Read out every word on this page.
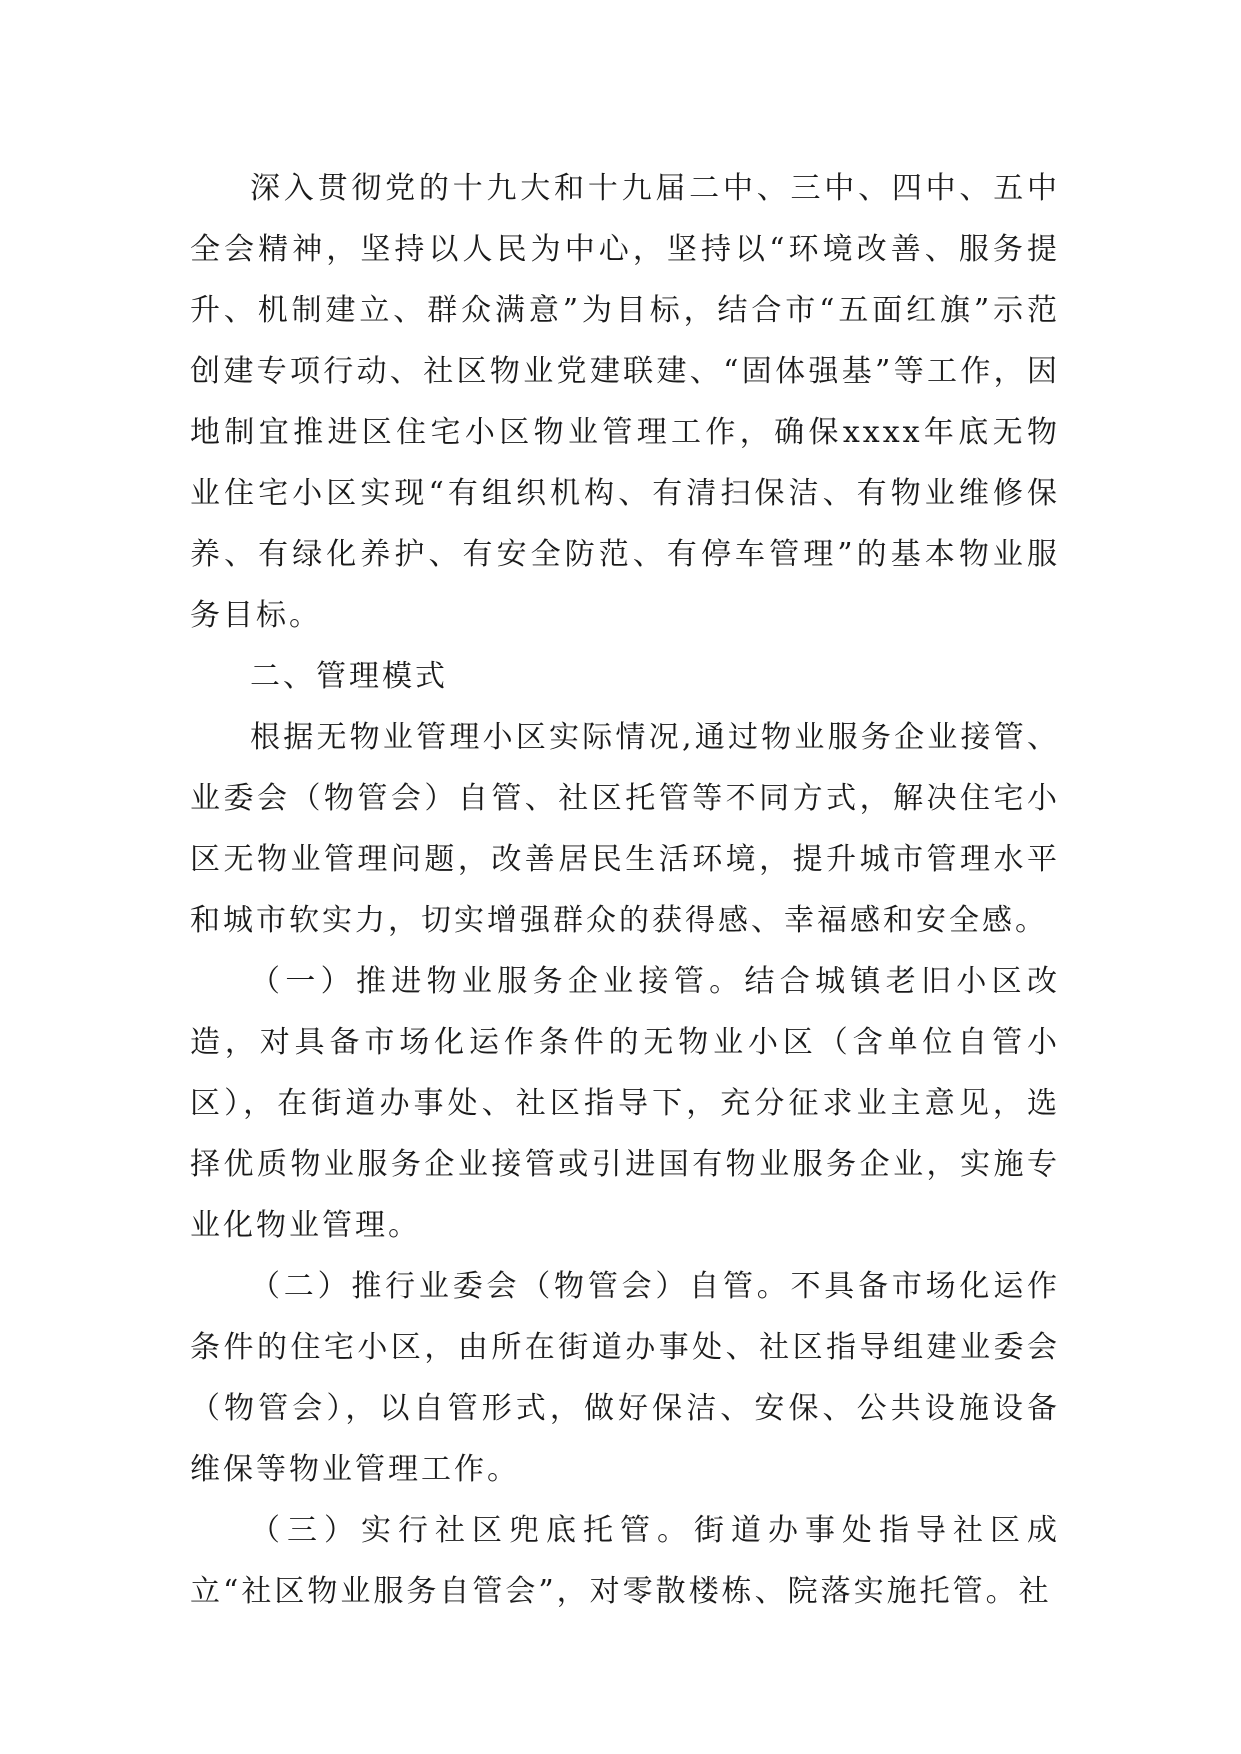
深入贯彻党的十九大和十九届二中、三中、四中、五中全会精神，坚持以人民为中心，坚持以“环境改善、服务提升、机制建立、群众满意”为目标，结合市“五面红旗”示范创建专项行动、社区物业党建联建、“固体强基”等工作，因地制宜推进区住宅小区物业管理工作，确保xxxx年底无物业住宅小区实现“有组织机构、有清扫保洁、有物业维修保养、有绿化养护、有安全防范、有停车管理”的基本物业服务目标。

二、管理模式

根据无物业管理小区实际情况,通过物业服务企业接管、业委会（物管会）自管、社区托管等不同方式，解决住宅小区无物业管理问题，改善居民生活环境，提升城市管理水平和城市软实力，切实增强群众的获得感、幸福感和安全感。

（一）推进物业服务企业接管。结合城镇老旧小区改造，对具备市场化运作条件的无物业小区（含单位自管小区），在街道办事处、社区指导下，充分征求业主意见，选择优质物业服务企业接管或引进国有物业服务企业，实施专业化物业管理。

（二）推行业委会（物管会）自管。不具备市场化运作条件的住宅小区，由所在街道办事处、社区指导组建业委会（物管会），以自管形式，做好保洁、安保、公共设施设备维保等物业管理工作。

（三）实行社区兜底托管。街道办事处指导社区成立“社区物业服务自管会”，对零散楼栋、院落实施托管。社
